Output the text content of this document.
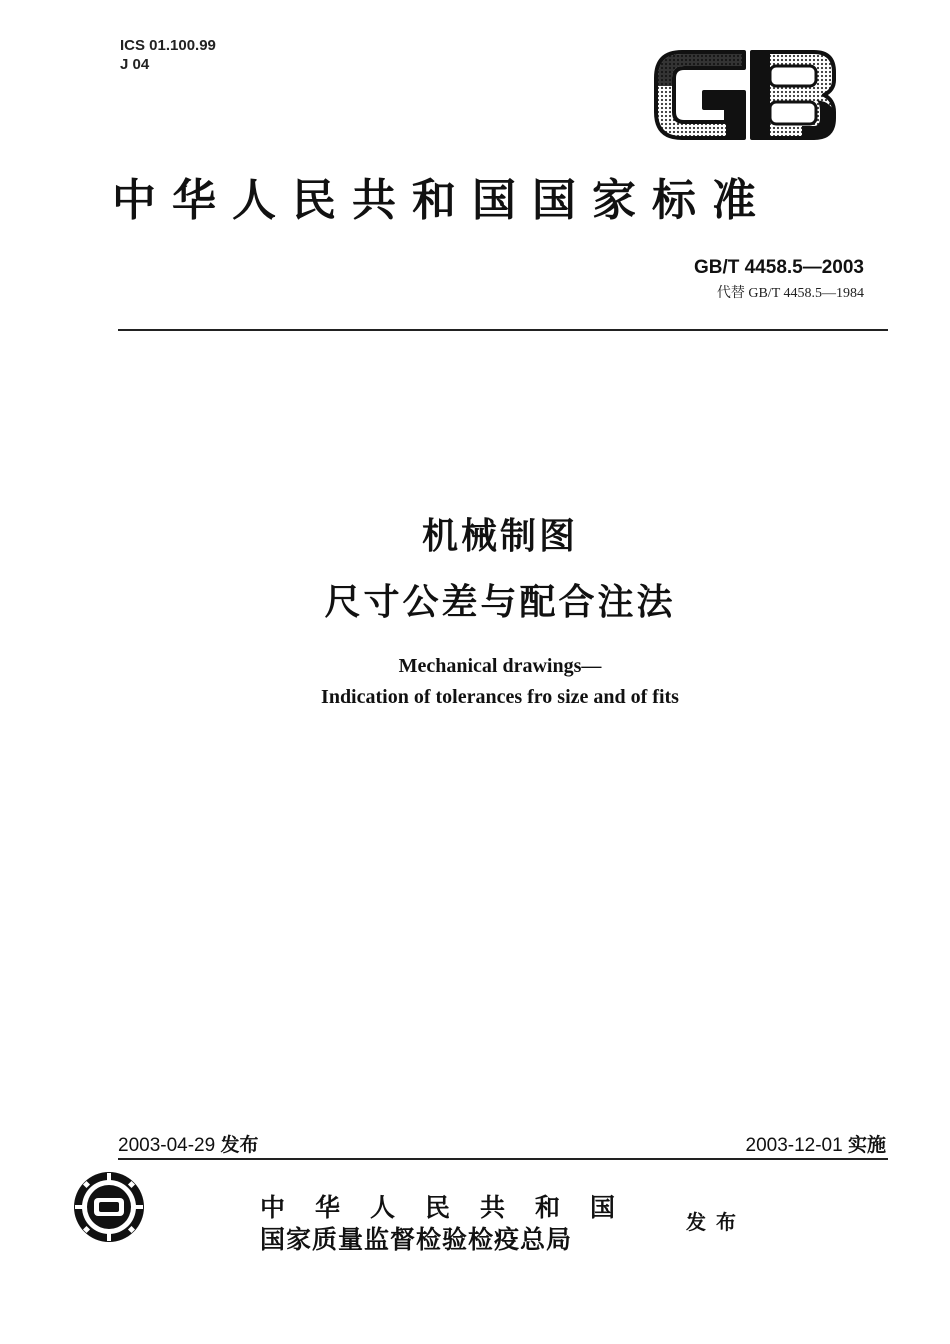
ICS 01.100.99
J 04
中华人民共和国国家标准
GB/T 4458.5—2003
代替 GB/T 4458.5—1984
机械制图
尺寸公差与配合注法
Mechanical drawings—
Indication of tolerances fro size and of fits
2003-04-29 发布	2003-12-01 实施
中华人民共和国
国家质量监督检验检疫总局
发布
